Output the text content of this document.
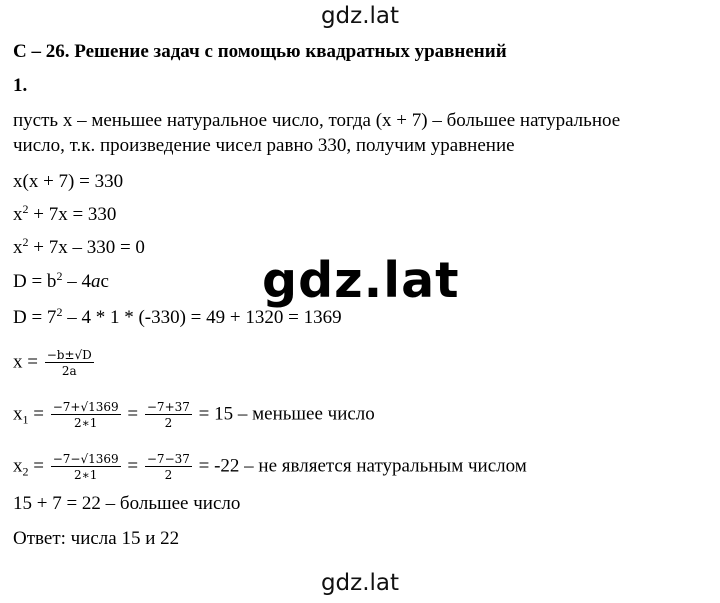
gdz.lat
С – 26. Решение задач с помощью квадратных уравнений
1.
пусть x – меньшее натуральное число, тогда (x + 7) – большее натуральное
число, т.к. произведение чисел равно 330, получим уравнение
x(x + 7) = 330
$x^2 + 7x = 330$
$x^2 + 7x - 330 = 0$
$D = b^2 - 4ac$
$D = 7^2 - 4 * 1 * (-330) = 49 + 1320 = 1369$
$x = \frac{-b\pm√D}{2a}$
$x_1 = \frac{-7+√1369}{2∗1} = \frac{-7+37}{2} = 15$ – меньшее число
$x_2 = \frac{-7-√1369}{2∗1} = \frac{-7-37}{2} = -22$ – не является натуральным числом
15 + 7 = 22 – большее число
Ответ: числа 15 и 22
gdz.lat
gdz.lat
